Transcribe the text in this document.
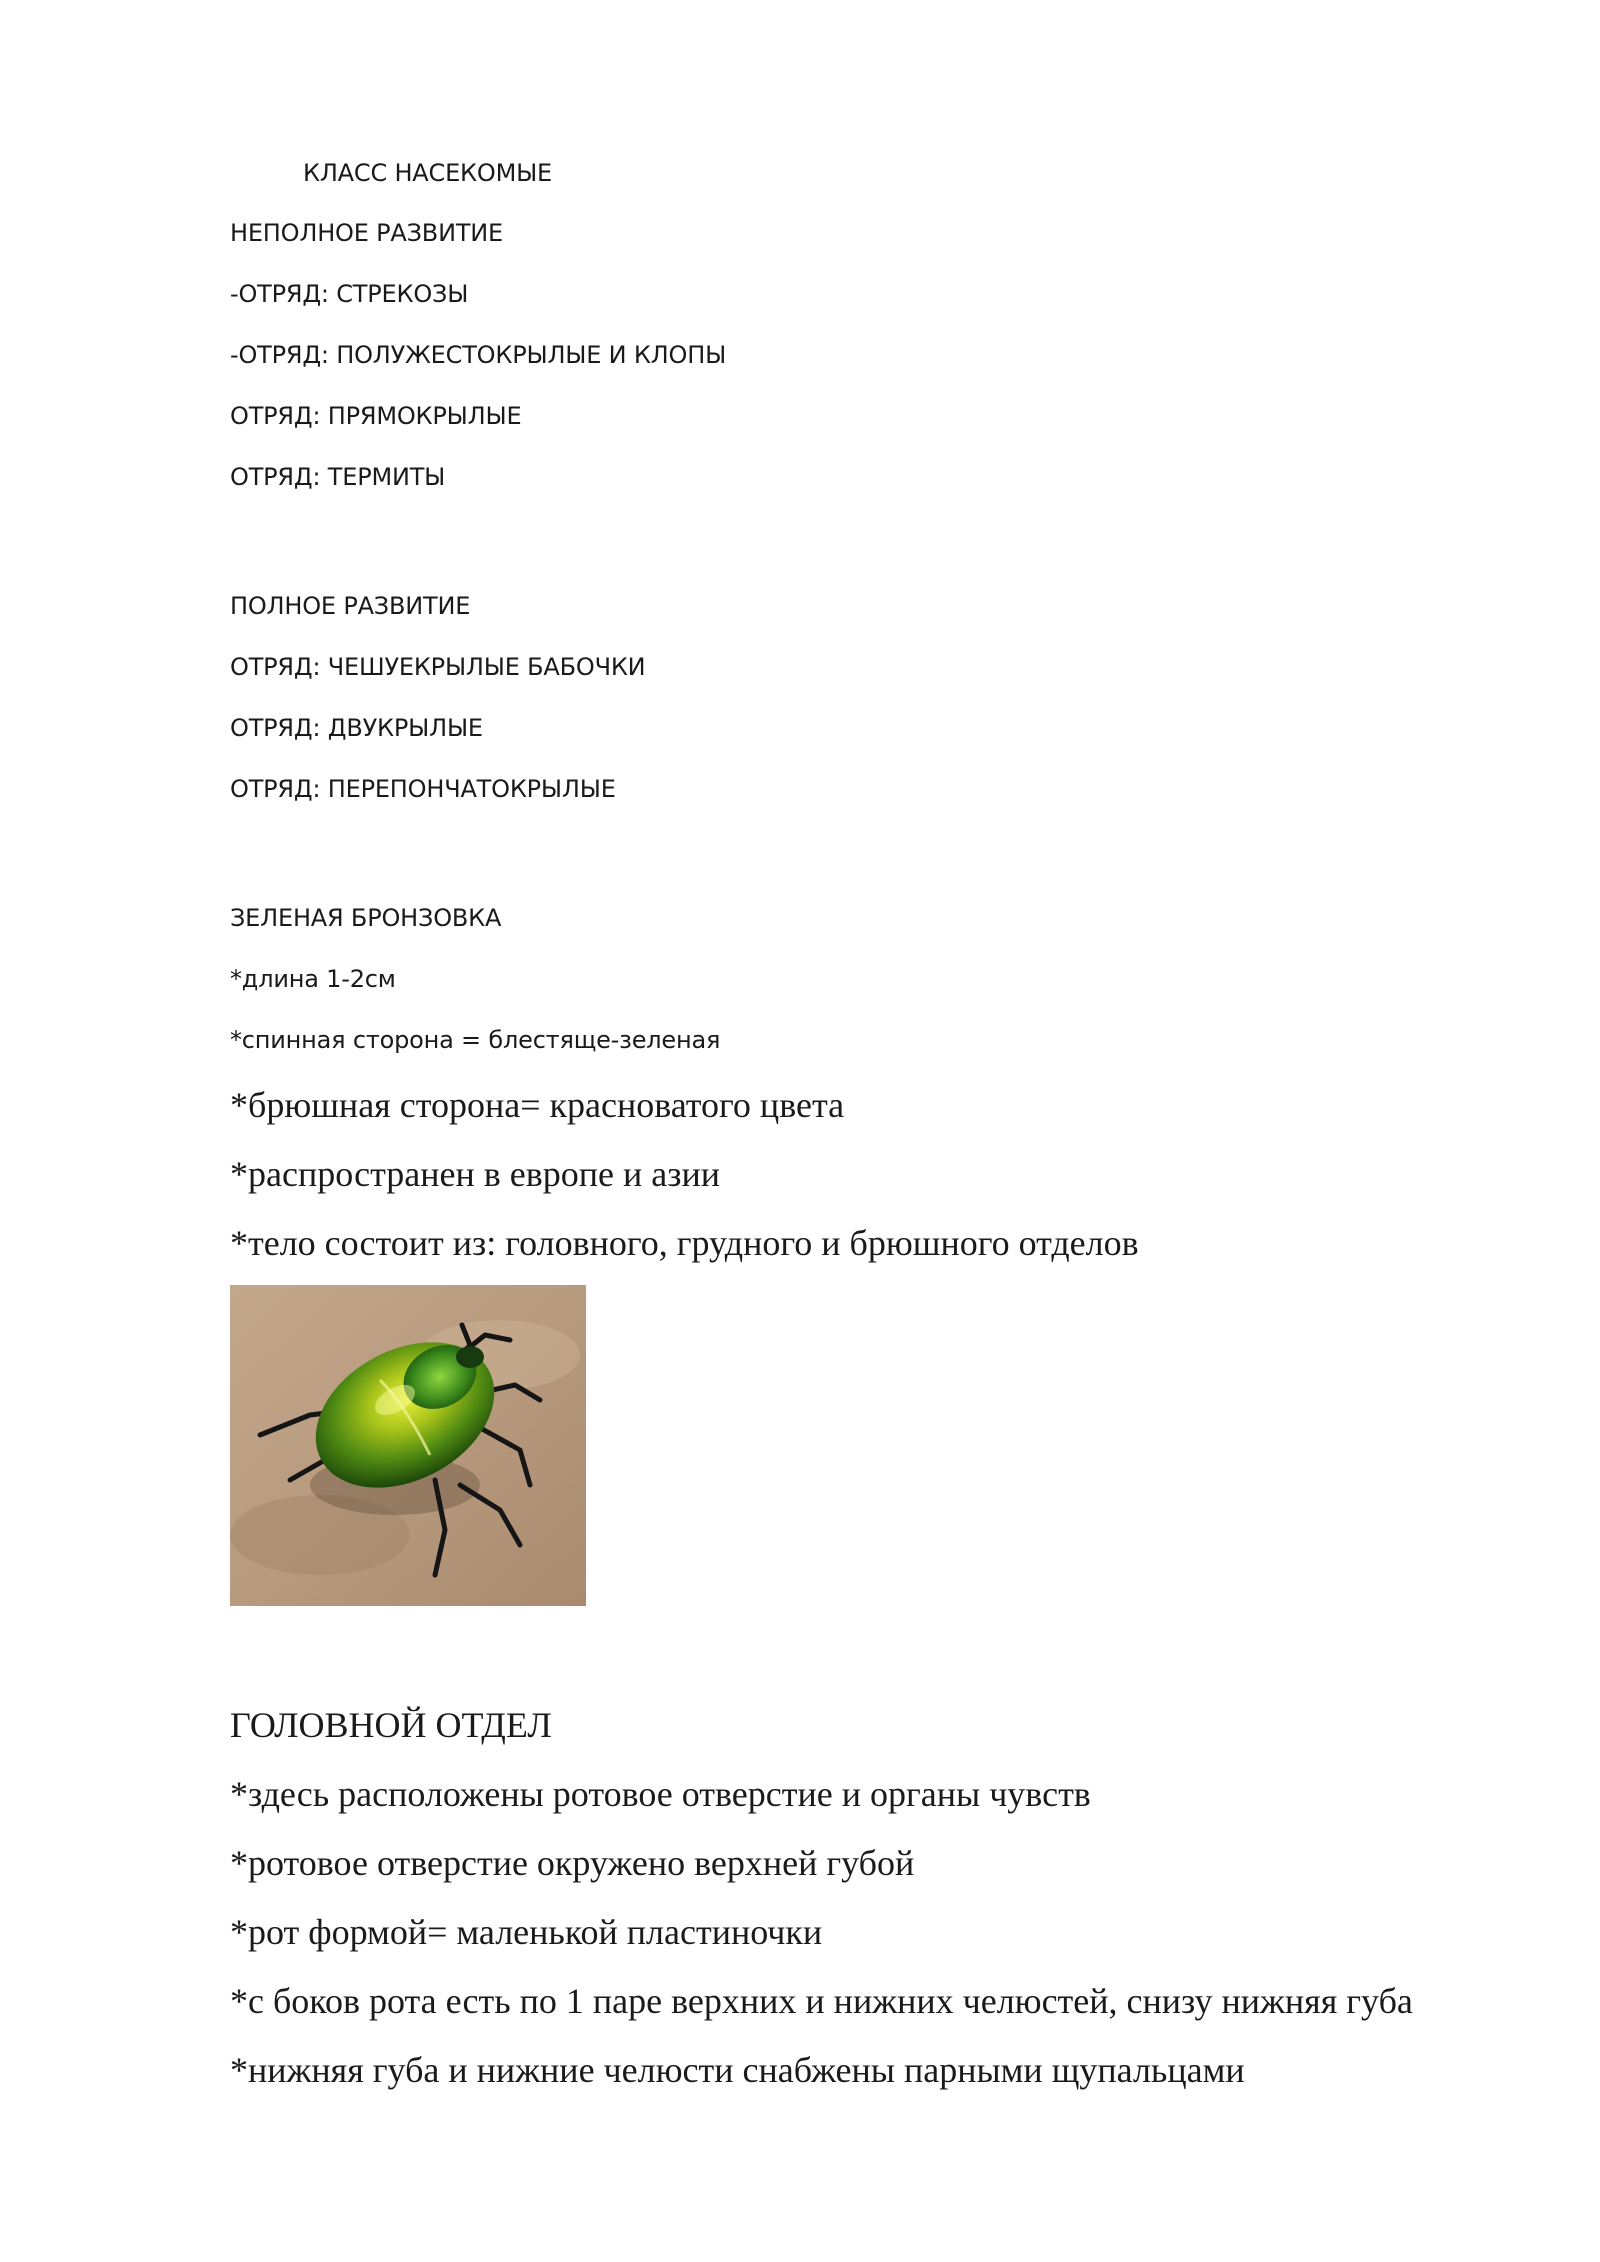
КЛАСС НАСЕКОМЫЕ
НЕПОЛНОЕ РАЗВИТИЕ
-ОТРЯД: СТРЕКОЗЫ
-ОТРЯД: ПОЛУЖЕСТОКРЫЛЫЕ И КЛОПЫ
ОТРЯД: ПРЯМОКРЫЛЫЕ
ОТРЯД: ТЕРМИТЫ
ПОЛНОЕ РАЗВИТИЕ
ОТРЯД: ЧЕШУЕКРЫЛЫЕ БАБОЧКИ
ОТРЯД: ДВУКРЫЛЫЕ
ОТРЯД: ПЕРЕПОНЧАТОКРЫЛЫЕ
ЗЕЛЕНАЯ БРОНЗОВКА
*длина 1-2см
*спинная сторона = блестяще-зеленая
*брюшная сторона= красноватого цвета
*распространен в европе и азии
*тело состоит из: головного, грудного и брюшного отделов
ГОЛОВНОЙ ОТДЕЛ
*здесь расположены ротовое отверстие и органы чувств
*ротовое отверстие окружено верхней губой
*рот формой= маленькой пластиночки
*с боков рота есть по 1 паре верхних и нижних челюстей, снизу нижняя губа
*нижняя губа и нижние челюсти снабжены парными щупальцами
